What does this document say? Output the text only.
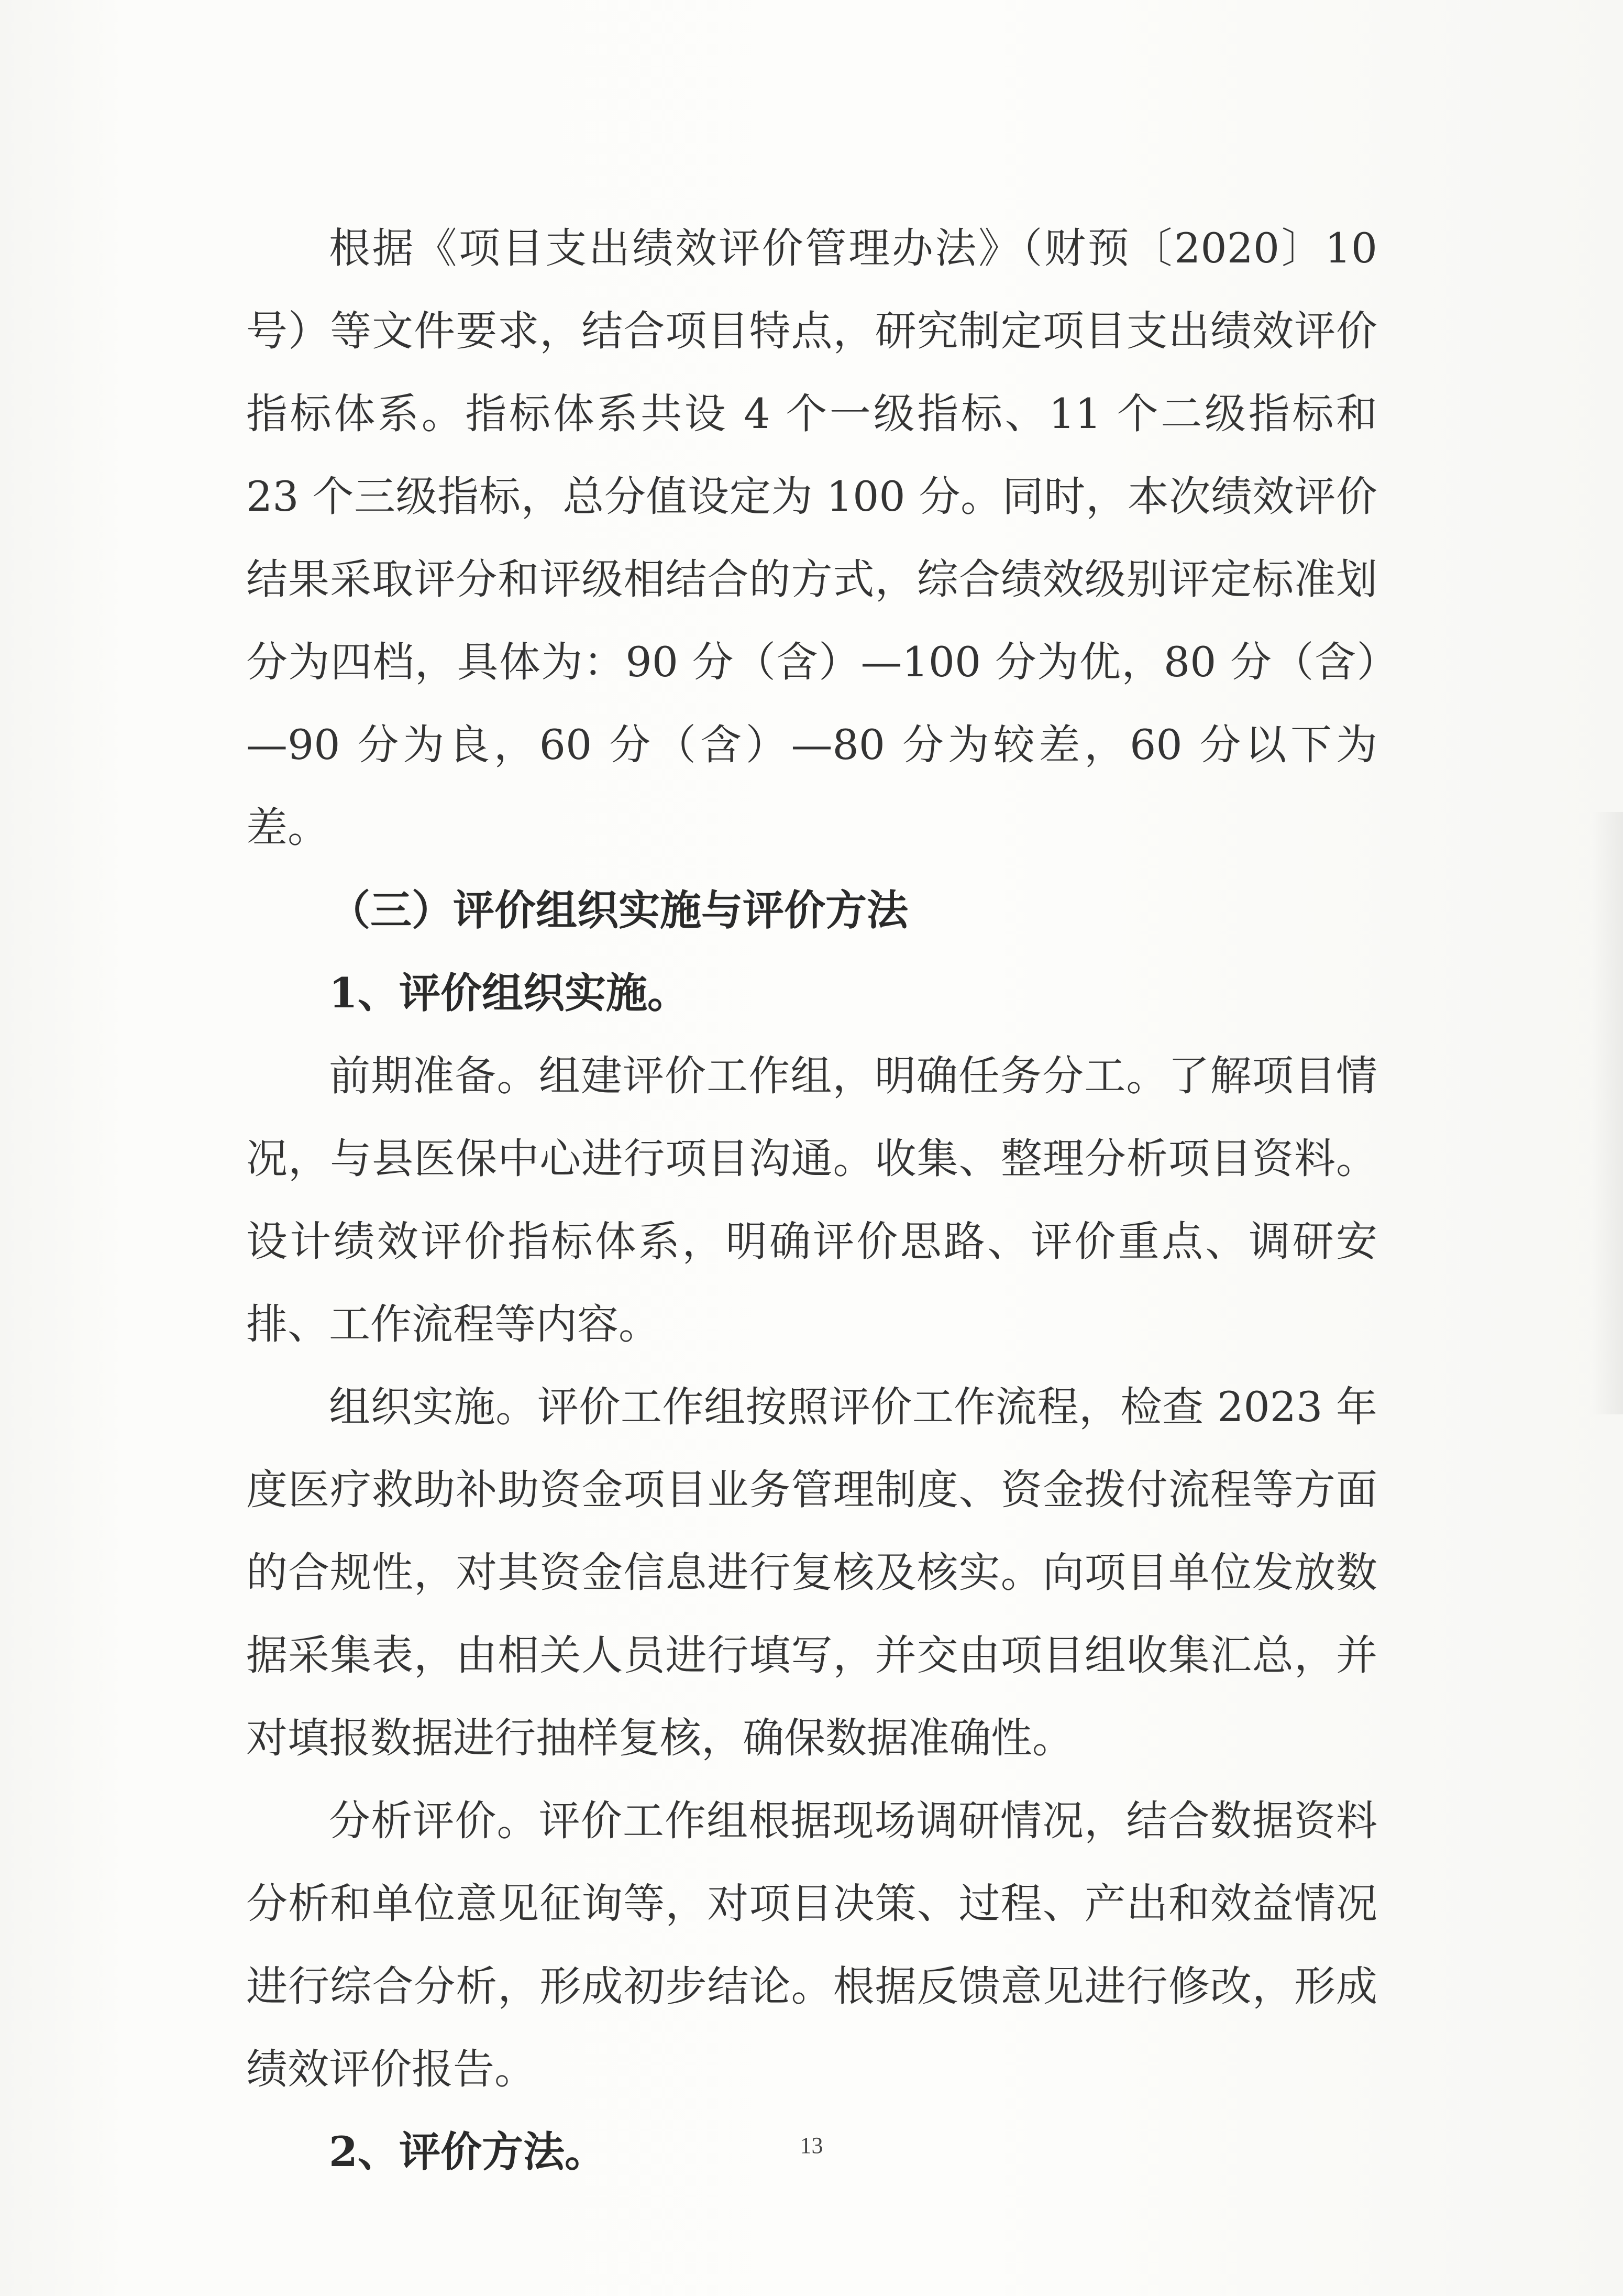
根据《项目支出绩效评价管理办法》（财预〔2020〕10号）等文件要求，结合项目特点，研究制定项目支出绩效评价指标体系。指标体系共设 4 个一级指标、11 个二级指标和 23 个三级指标，总分值设定为 100 分。同时，本次绩效评价结果采取评分和评级相结合的方式，综合绩效级别评定标准划分为四档，具体为：90 分（含）—100 分为优，80 分（含）—90 分为良，60 分（含）—80 分为较差，60 分以下为差。

（三）评价组织实施与评价方法

1、评价组织实施。

前期准备。组建评价工作组，明确任务分工。了解项目情况，与县医保中心进行项目沟通。收集、整理分析项目资料。设计绩效评价指标体系，明确评价思路、评价重点、调研安排、工作流程等内容。

组织实施。评价工作组按照评价工作流程，检查 2023 年度医疗救助补助资金项目业务管理制度、资金拨付流程等方面的合规性，对其资金信息进行复核及核实。向项目单位发放数据采集表，由相关人员进行填写，并交由项目组收集汇总，并对填报数据进行抽样复核，确保数据准确性。

分析评价。评价工作组根据现场调研情况，结合数据资料分析和单位意见征询等，对项目决策、过程、产出和效益情况进行综合分析，形成初步结论。根据反馈意见进行修改，形成绩效评价报告。

2、评价方法。	13
